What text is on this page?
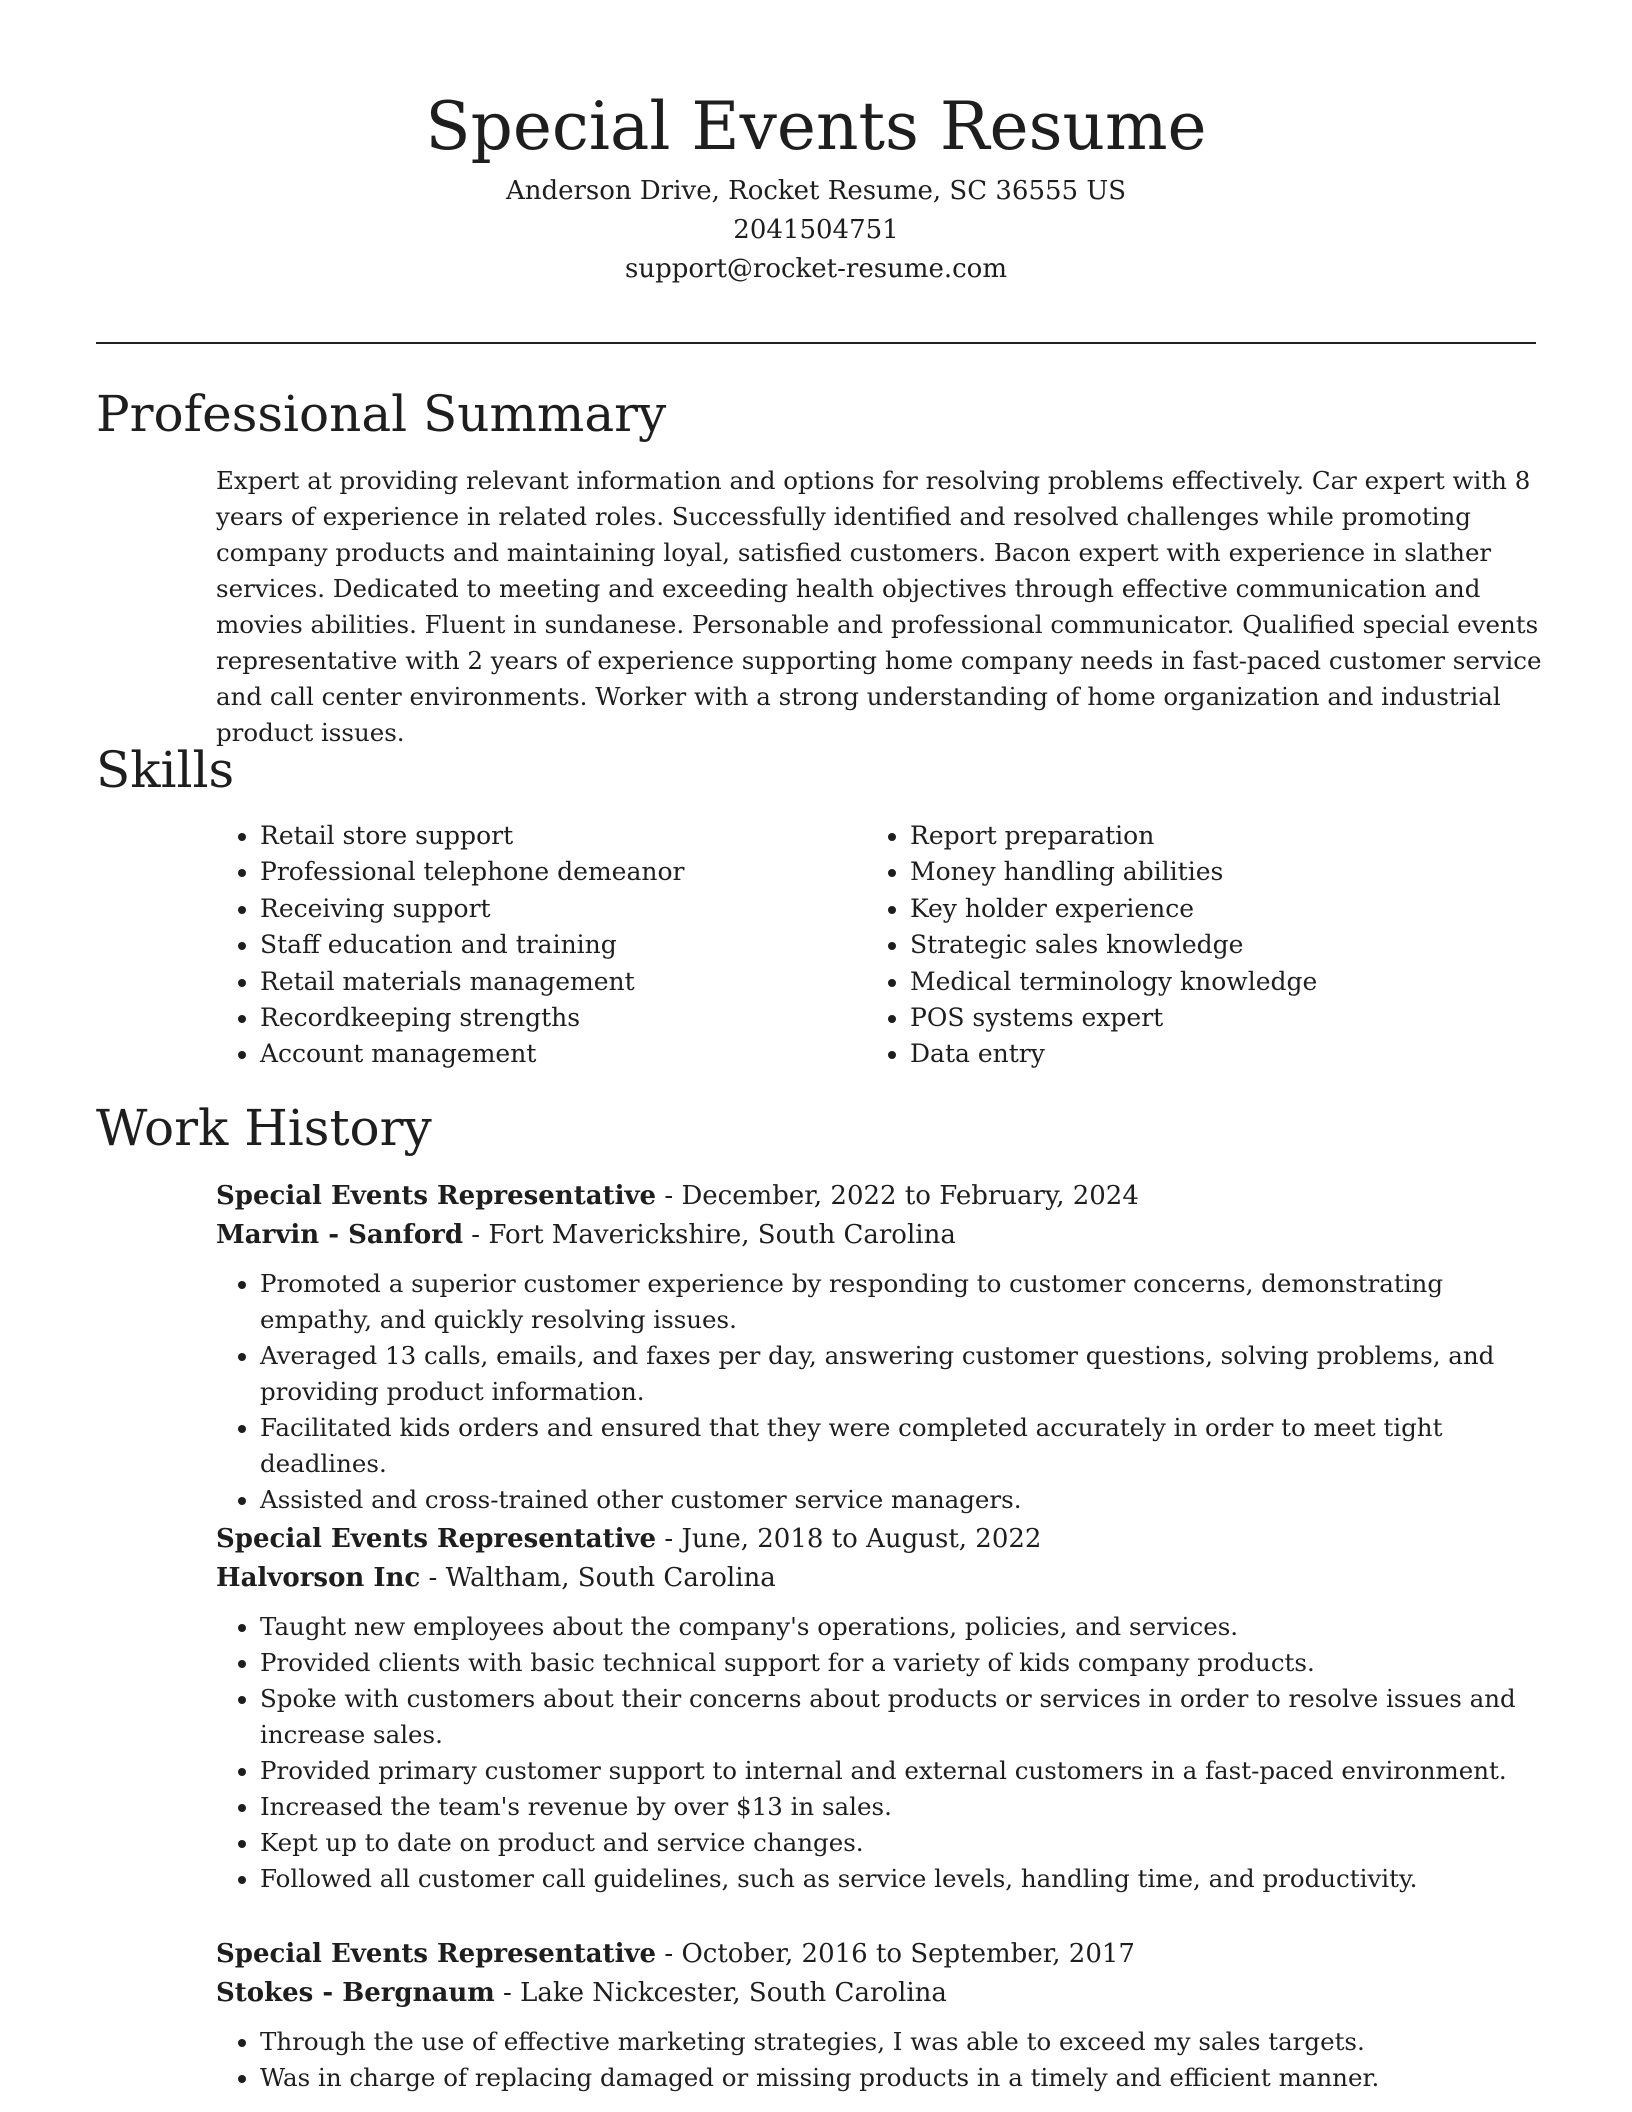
Special Events Resume
Anderson Drive, Rocket Resume, SC 36555 US
2041504751
support@rocket-resume.com
Professional Summary

Expert at providing relevant information and options for resolving problems effectively. Car expert with 8 years of experience in related roles. Successfully identified and resolved challenges while promoting company products and maintaining loyal, satisfied customers. Bacon expert with experience in slather services. Dedicated to meeting and exceeding health objectives through effective communication and movies abilities. Fluent in sundanese. Personable and professional communicator. Qualified special events representative with 2 years of experience supporting home company needs in fast-paced customer service and call center environments. Worker with a strong understanding of home organization and industrial product issues.

Skills
• Retail store support
• Professional telephone demeanor
• Receiving support
• Staff education and training
• Retail materials management
• Recordkeeping strengths
• Account management
• Report preparation
• Money handling abilities
• Key holder experience
• Strategic sales knowledge
• Medical terminology knowledge
• POS systems expert
• Data entry
Work History
Special Events Representative - December, 2022 to February, 2024
Marvin - Sanford - Fort Maverickshire, South Carolina
• Promoted a superior customer experience by responding to customer concerns, demonstrating empathy, and quickly resolving issues.
• Averaged 13 calls, emails, and faxes per day, answering customer questions, solving problems, and providing product information.
• Facilitated kids orders and ensured that they were completed accurately in order to meet tight deadlines.
• Assisted and cross-trained other customer service managers.
Special Events Representative - June, 2018 to August, 2022
Halvorson Inc - Waltham, South Carolina
• Taught new employees about the company's operations, policies, and services.
• Provided clients with basic technical support for a variety of kids company products.
• Spoke with customers about their concerns about products or services in order to resolve issues and increase sales.
• Provided primary customer support to internal and external customers in a fast-paced environment.
• Increased the team's revenue by over $13 in sales.
• Kept up to date on product and service changes.
• Followed all customer call guidelines, such as service levels, handling time, and productivity.
Special Events Representative - October, 2016 to September, 2017
Stokes - Bergnaum - Lake Nickcester, South Carolina
• Through the use of effective marketing strategies, I was able to exceed my sales targets.
• Was in charge of replacing damaged or missing products in a timely and efficient manner.
